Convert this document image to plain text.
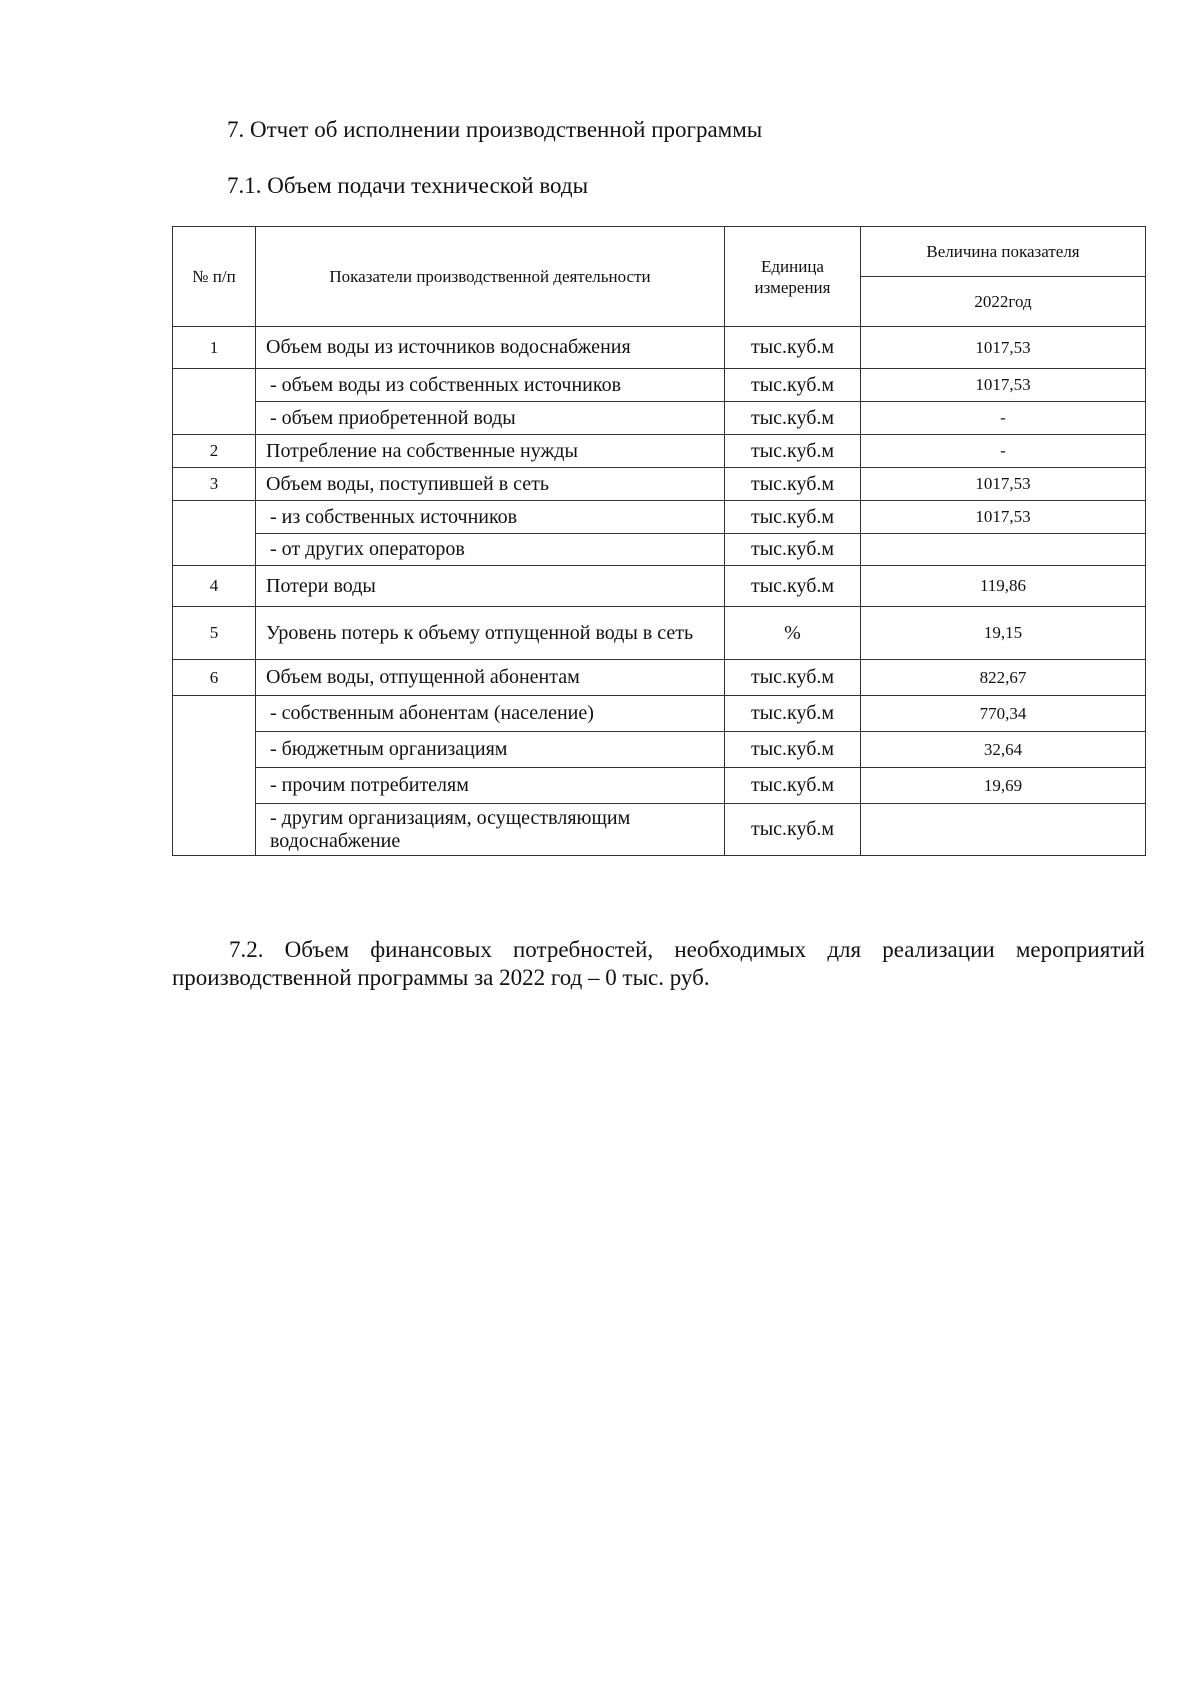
7. Отчет об исполнении производственной программы
7.1. Объем подачи технической воды
№ п/п	Показатели производственной деятельности	Единица измерения	Величина показателя
			2022год
1	Объем воды из источников водоснабжения	тыс.куб.м	1017,53
	- объем воды из собственных источников	тыс.куб.м	1017,53
	- объем приобретенной воды	тыс.куб.м	-
2	Потребление на собственные нужды	тыс.куб.м	-
3	Объем воды, поступившей в сеть	тыс.куб.м	1017,53
	- из собственных источников	тыс.куб.м	1017,53
	- от других операторов	тыс.куб.м	
4	Потери воды	тыс.куб.м	119,86
5	Уровень потерь к объему отпущенной воды в сеть	%	19,15
6	Объем воды, отпущенной абонентам	тыс.куб.м	822,67
	- собственным абонентам (население)	тыс.куб.м	770,34
	- бюджетным организациям	тыс.куб.м	32,64
	- прочим потребителям	тыс.куб.м	19,69
	- другим организациям, осуществляющим водоснабжение	тыс.куб.м	

7.2. Объем финансовых потребностей, необходимых для реализации мероприятий производственной программы за 2022 год – 0 тыс. руб.
